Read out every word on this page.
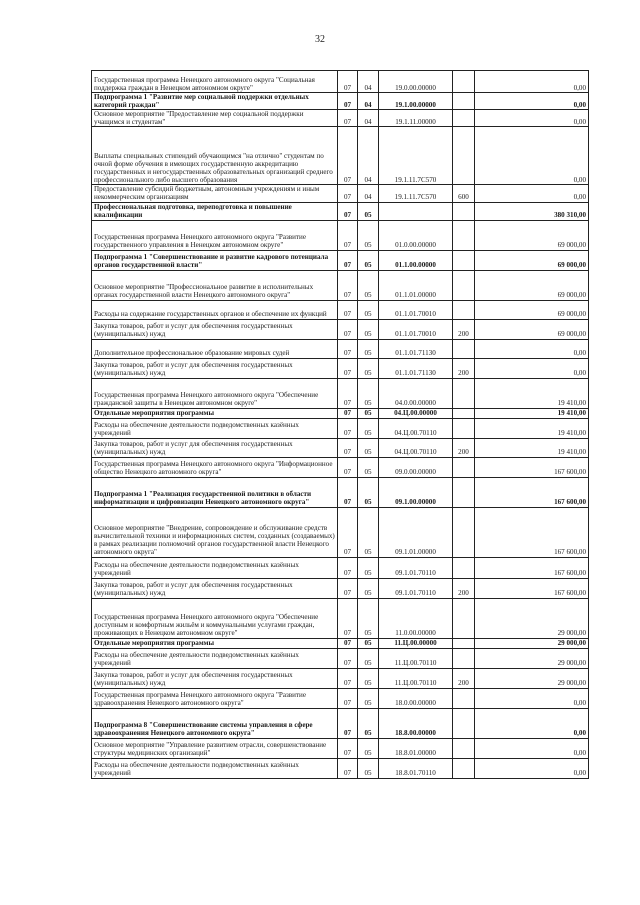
32
Государственная программа Ненецкого автономного округа "Социальная поддержка граждан в Ненецком автономном округе"	07	04	19.0.00.00000		0,00
Подпрограмма 1 "Развитие мер социальной поддержки отдельных категорий граждан"	07	04	19.1.00.00000		0,00
Основное мероприятие "Предоставление мер социальной поддержки учащимся и студентам"	07	04	19.1.11.00000		0,00
Выплаты специальных стипендий обучающимся "на отлично" студентам по очной форме обучения в имеющих государственную аккредитацию государственных и негосударственных образовательных организаций среднего профессионального либо высшего образования	07	04	19.1.11.7С570		0,00
Предоставление субсидий бюджетным, автономным учреждениям и иным некоммерческим организациям	07	04	19.1.11.7С570	600	0,00
Профессиональная подготовка, переподготовка и повышение квалификации	07	05			380 310,00
Государственная программа Ненецкого автономного округа "Развитие государственного управления в Ненецком автономном округе"	07	05	01.0.00.00000		69 000,00
Подпрограмма 1 "Совершенствование и развитие кадрового потенциала органов государственной власти"	07	05	01.1.00.00000		69 000,00
Основное мероприятие "Профессиональное развитие в исполнительных органах государственной власти Ненецкого автономного округа"	07	05	01.1.01.00000		69 000,00
Расходы на содержание государственных органов и обеспечение их функций	07	05	01.1.01.70010		69 000,00
Закупка товаров, работ и услуг для обеспечения государственных (муниципальных) нужд	07	05	01.1.01.70010	200	69 000,00
Дополнительное профессиональное образование мировых судей	07	05	01.1.01.71130		0,00
Закупка товаров, работ и услуг для обеспечения государственных (муниципальных) нужд	07	05	01.1.01.71130	200	0,00
Государственная программа Ненецкого автономного округа "Обеспечение гражданской защиты в Ненецком автономном округе"	07	05	04.0.00.00000		19 410,00
Отдельные мероприятия программы	07	05	04.Ц.00.00000		19 410,00
Расходы на обеспечение деятельности подведомственных казённых учреждений	07	05	04.Ц.00.70110		19 410,00
Закупка товаров, работ и услуг для обеспечения государственных (муниципальных) нужд	07	05	04.Ц.00.70110	200	19 410,00
Государственная программа Ненецкого автономного округа "Информационное общество Ненецкого автономного округа"	07	05	09.0.00.00000		167 600,00
Подпрограмма 1 "Реализация государственной политики в области информатизации и цифровизации Ненецкого автономного округа"	07	05	09.1.00.00000		167 600,00
Основное мероприятие "Внедрение, сопровождение и обслуживание средств вычислительной техники и информационных систем, созданных (создаваемых) в рамках реализации полномочий органов государственной власти Ненецкого автономного округа"	07	05	09.1.01.00000		167 600,00
Расходы на обеспечение деятельности подведомственных казённых учреждений	07	05	09.1.01.70110		167 600,00
Закупка товаров, работ и услуг для обеспечения государственных (муниципальных) нужд	07	05	09.1.01.70110	200	167 600,00
Государственная программа Ненецкого автономного округа "Обеспечение доступным и комфортным жильём и коммунальными услугами граждан, проживающих в Ненецком автономном округе"	07	05	11.0.00.00000		29 000,00
Отдельные мероприятия программы	07	05	11.Ц.00.00000		29 000,00
Расходы на обеспечение деятельности подведомственных казённых учреждений	07	05	11.Ц.00.70110		29 000,00
Закупка товаров, работ и услуг для обеспечения государственных (муниципальных) нужд	07	05	11.Ц.00.70110	200	29 000,00
Государственная программа Ненецкого автономного округа "Развитие здравоохранения Ненецкого автономного округа"	07	05	18.0.00.00000		0,00
Подпрограмма 8 "Совершенствование системы управления в сфере здравоохранения Ненецкого автономного округа"	07	05	18.8.00.00000		0,00
Основное мероприятие "Управление развитием отрасли, совершенствование структуры медицинских организаций"	07	05	18.8.01.00000		0,00
Расходы на обеспечение деятельности подведомственных казённых учреждений	07	05	18.8.01.70110		0,00
